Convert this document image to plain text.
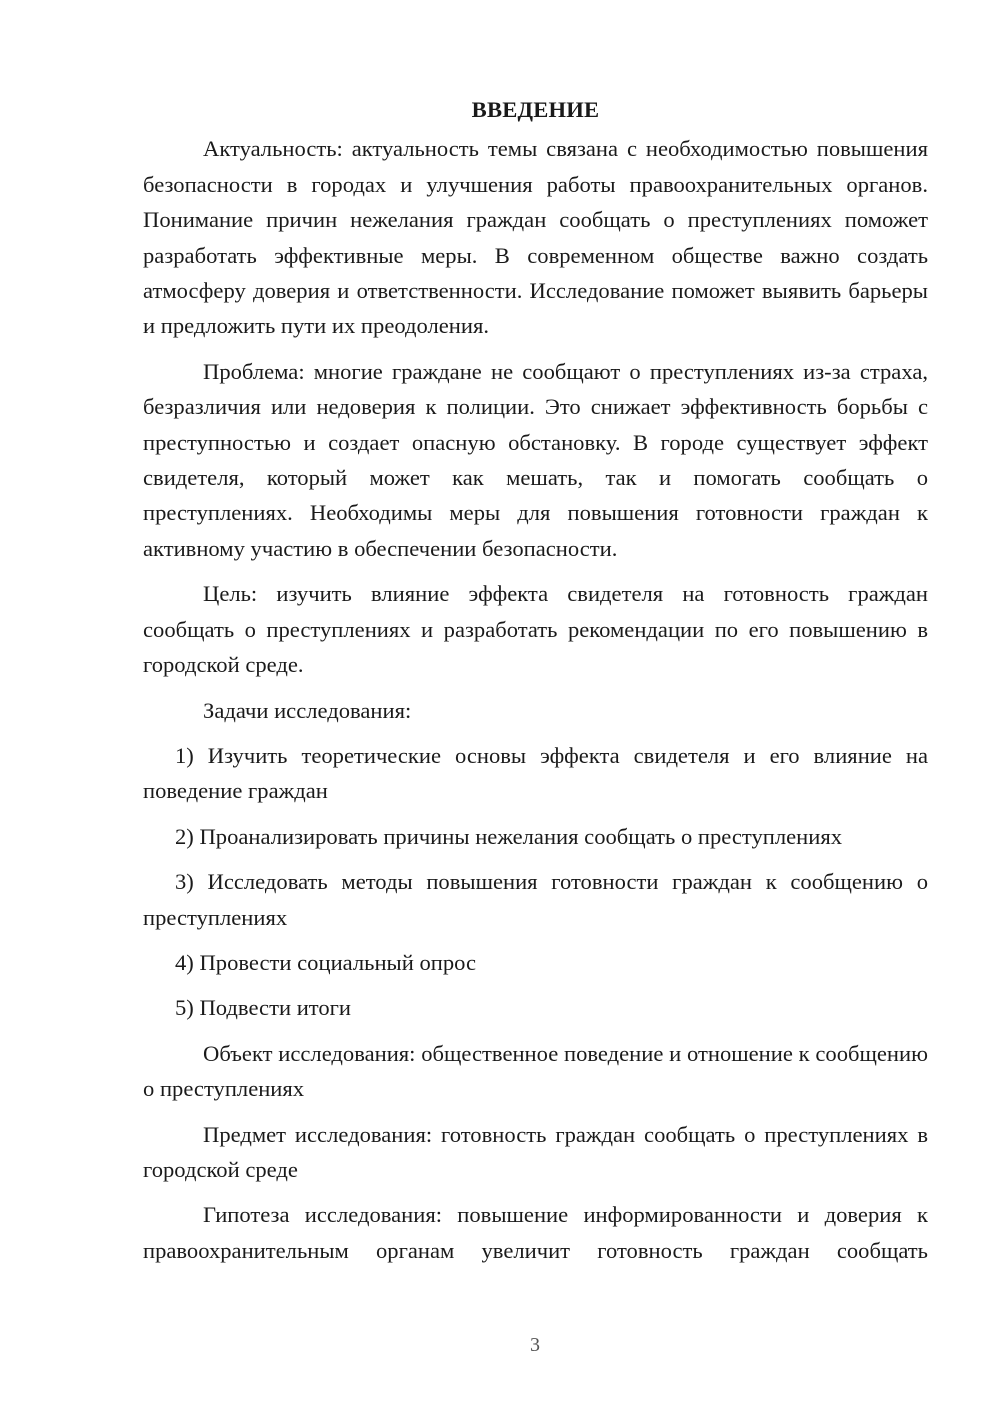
ВВЕДЕНИЕ

Актуальность: актуальность темы связана с необходимостью повышения безопасности в городах и улучшения работы правоохранительных органов. Понимание причин нежелания граждан сообщать о преступлениях поможет разработать эффективные меры. В современном обществе важно создать атмосферу доверия и ответственности. Исследование поможет выявить барьеры и предложить пути их преодоления.

Проблема: многие граждане не сообщают о преступлениях из-за страха, безразличия или недоверия к полиции. Это снижает эффективность борьбы с преступностью и создает опасную обстановку. В городе существует эффект свидетеля, который может как мешать, так и помогать сообщать о преступлениях. Необходимы меры для повышения готовности граждан к активному участию в обеспечении безопасности.

Цель: изучить влияние эффекта свидетеля на готовность граждан сообщать о преступлениях и разработать рекомендации по его повышению в городской среде.

Задачи исследования:

1) Изучить теоретические основы эффекта свидетеля и его влияние на поведение граждан

2) Проанализировать причины нежелания сообщать о преступлениях

3) Исследовать методы повышения готовности граждан к сообщению о преступлениях

4) Провести социальный опрос

5) Подвести итоги

Объект исследования: общественное поведение и отношение к сообщению о преступлениях

Предмет исследования: готовность граждан сообщать о преступлениях в городской среде

Гипотеза исследования: повышение информированности и доверия к правоохранительным органам увеличит готовность граждан сообщать

3
